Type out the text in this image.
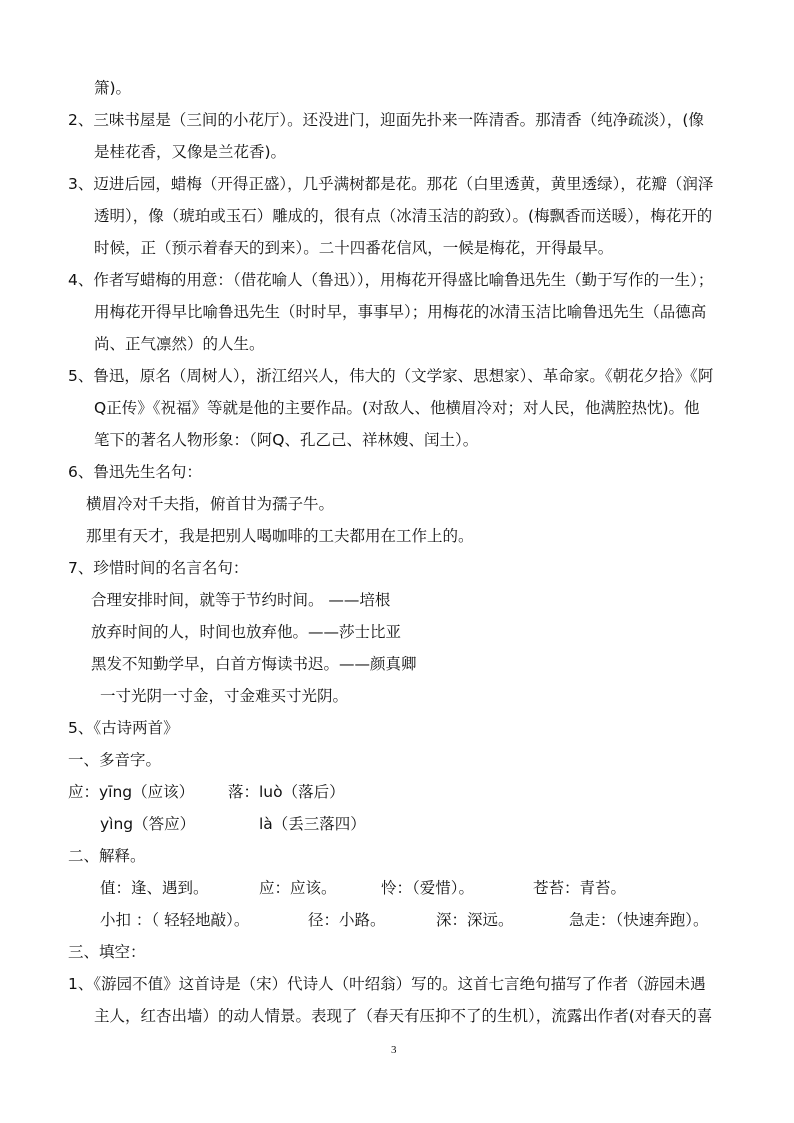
箫)。
2、三味书屋是（三间的小花厅）。还没进门，迎面先扑来一阵清香。那清香（纯净疏淡），(像
是桂花香，又像是兰花香)。
3、迈进后园，蜡梅（开得正盛），几乎满树都是花。那花（白里透黄，黄里透绿），花瓣（润泽
透明），像（琥珀或玉石）雕成的，很有点（冰清玉洁的韵致）。(梅飘香而送暖），梅花开的
时候，正（预示着春天的到来）。二十四番花信风，一候是梅花，开得最早。
4、作者写蜡梅的用意：（借花喻人（鲁迅）），用梅花开得盛比喻鲁迅先生（勤于写作的一生）；
用梅花开得早比喻鲁迅先生（时时早，事事早）；用梅花的冰清玉洁比喻鲁迅先生（品德高
尚、正气凛然）的人生。
5、鲁迅，原名（周树人），浙江绍兴人，伟大的（文学家、思想家）、革命家。《朝花夕拾》《阿
Q正传》《祝福》等就是他的主要作品。(对敌人、他横眉冷对；对人民，他满腔热忱)。他
笔下的著名人物形象：（阿Q、孔乙己、祥林嫂、闰土）。
6、鲁迅先生名句：
横眉冷对千夫指，俯首甘为孺子牛。
那里有天才，我是把别人喝咖啡的工夫都用在工作上的。
7、珍惜时间的名言名句：
合理安排时间，就等于节约时间。 ——培根
放弃时间的人，时间也放弃他。——莎士比亚
黑发不知勤学早，白首方悔读书迟。——颜真卿
一寸光阴一寸金，寸金难买寸光阴。
5、《古诗两首》
一、多音字。
应：yīng（应该） 落：luò（落后）
yìng（答应）	là（丢三落四）
二、解释。
值：逢、遇到。	应：应该。	怜：（爱惜）。	苍苔：青苔。
小扣 ：（ 轻轻地敲）。	径：小路。	深：深远。	急走：（快速奔跑）。
三、填空：
1、《游园不值》这首诗是（宋）代诗人（叶绍翁）写的。这首七言绝句描写了作者（游园未遇
主人，红杏出墙）的动人情景。表现了（春天有压抑不了的生机），流露出作者(对春天的喜
3
